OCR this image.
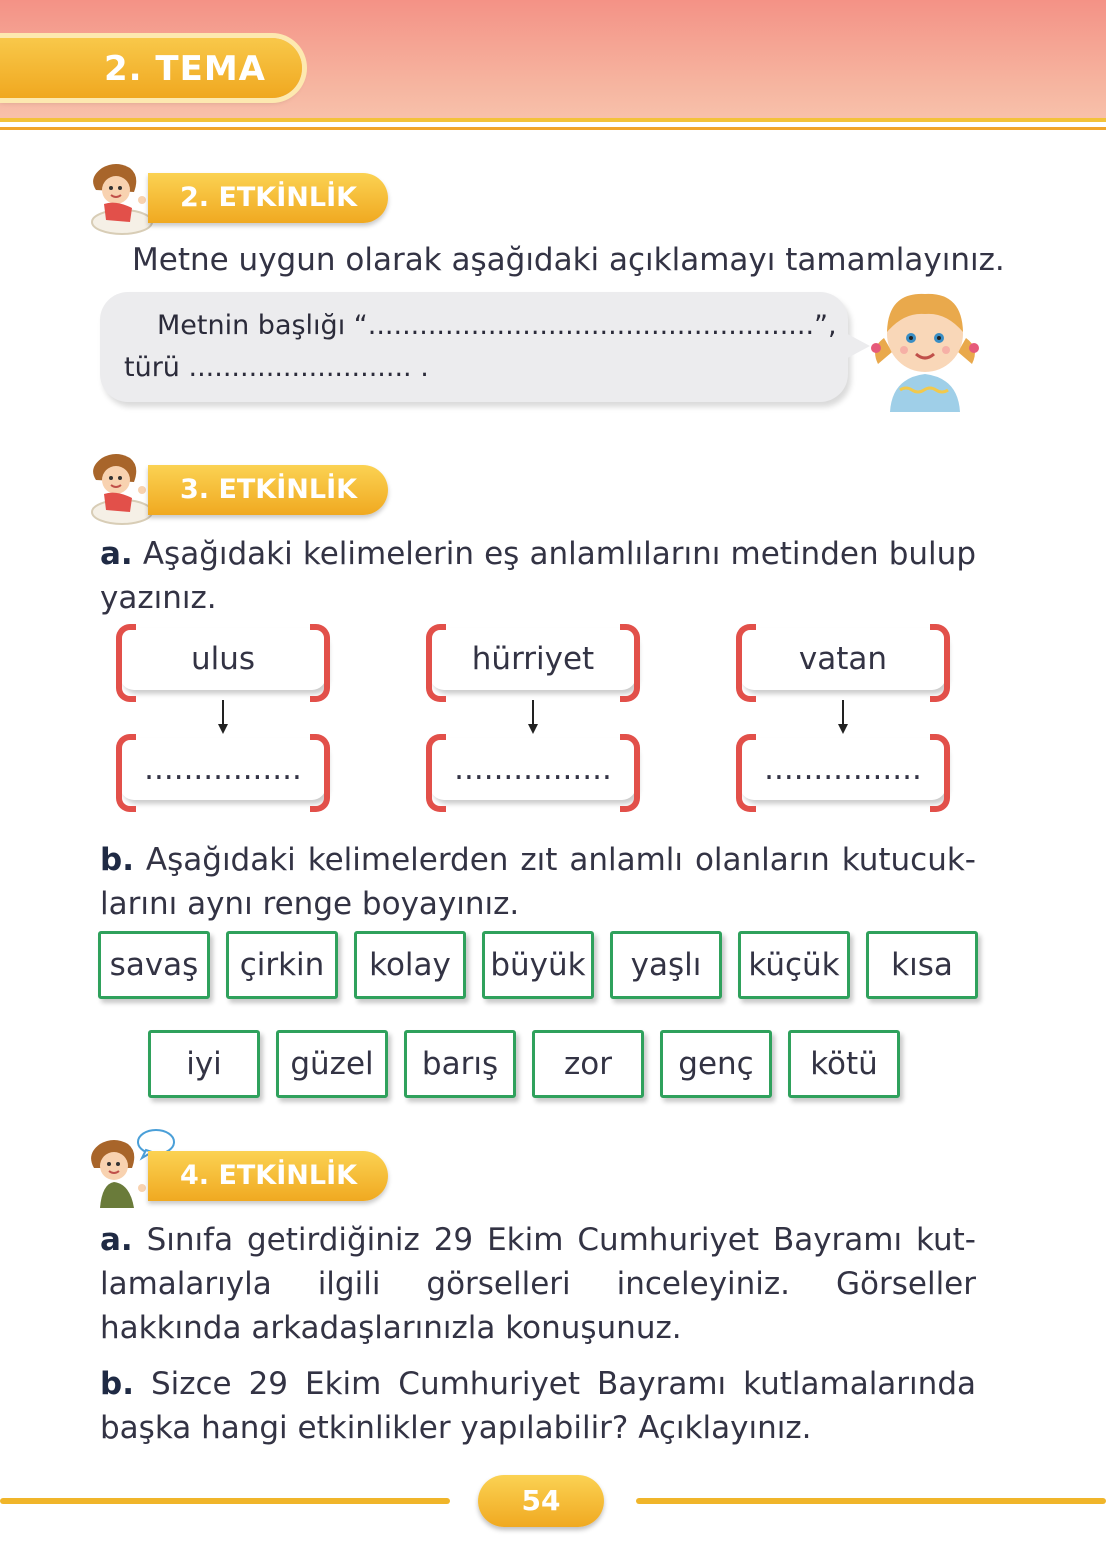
2. TEMA
2. ETKİNLİK
Metne uygun olarak aşağıdaki açıklamayı tamamlayınız.
Metnin başlığı “....................................................”,
türü .......................... .
3. ETKİNLİK
a. Aşağıdaki kelimelerin eş anlamlılarını metinden bulup yazınız.
ulus	hürriyet	vatan
................	................	................
b. Aşağıdaki kelimelerden zıt anlamlı olanların kutucuk-larını aynı renge boyayınız.
savaş	çirkin	kolay	büyük	yaşlı	küçük	kısa
iyi	güzel	barış	zor	genç	kötü
4. ETKİNLİK
a. Sınıfa getirdiğiniz 29 Ekim Cumhuriyet Bayramı kut-lamalarıyla ilgili görselleri inceleyiniz. Görseller hakkında arkadaşlarınızla konuşunuz.
b. Sizce 29 Ekim Cumhuriyet Bayramı kutlamalarında başka hangi etkinlikler yapılabilir? Açıklayınız.
54
